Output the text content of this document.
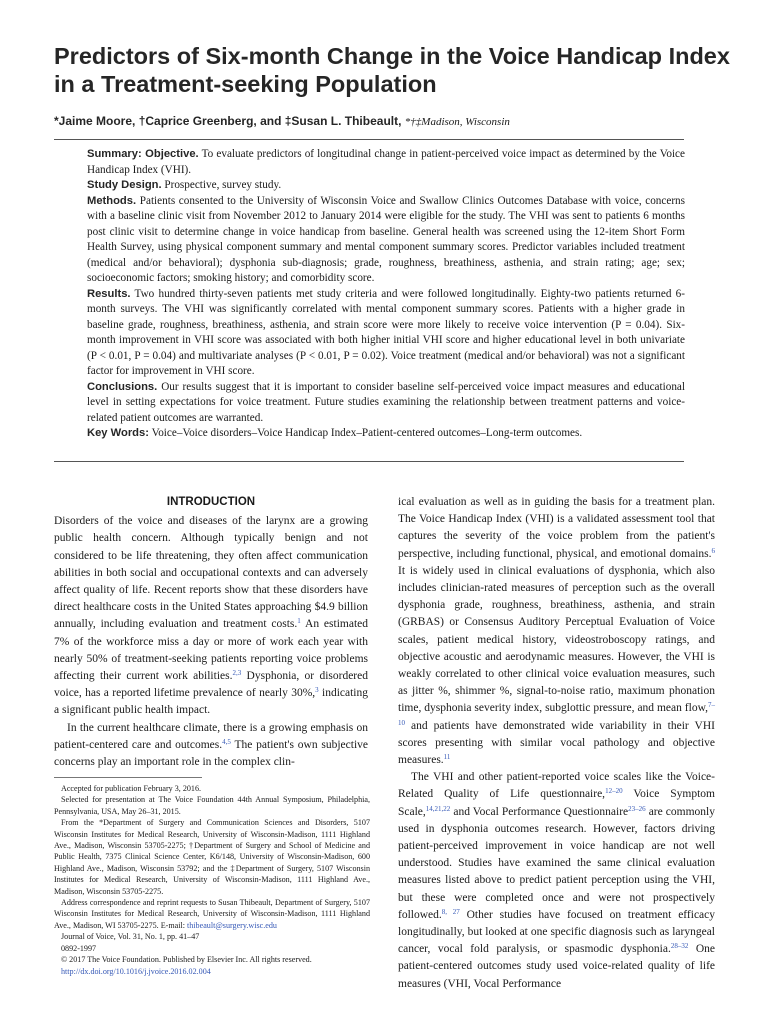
Predictors of Six-month Change in the Voice Handicap Index in a Treatment-seeking Population
*Jaime Moore, †Caprice Greenberg, and ‡Susan L. Thibeault, *†‡Madison, Wisconsin

Summary: Objective. To evaluate predictors of longitudinal change in patient-perceived voice impact as determined by the Voice Handicap Index (VHI).

Study Design. Prospective, survey study.

Methods. Patients consented to the University of Wisconsin Voice and Swallow Clinics Outcomes Database with voice, concerns with a baseline clinic visit from November 2012 to January 2014 were eligible for the study. The VHI was sent to patients 6 months post clinic visit to determine change in voice handicap from baseline. General health was screened using the 12-item Short Form Health Survey, using physical component summary and mental component summary scores. Predictor variables included treatment (medical and/or behavioral); dysphonia sub-diagnosis; grade, roughness, breathiness, asthenia, and strain rating; age; sex; socioeconomic factors; smoking history; and comorbidity score.

Results. Two hundred thirty-seven patients met study criteria and were followed longitudinally. Eighty-two patients returned 6-month surveys. The VHI was significantly correlated with mental component summary scores. Patients with a higher grade in baseline grade, roughness, breathiness, asthenia, and strain score were more likely to receive voice intervention (P = 0.04). Six-month improvement in VHI score was associated with both higher initial VHI score and higher educational level in both univariate (P < 0.01, P = 0.04) and multivariate analyses (P < 0.01, P = 0.02). Voice treatment (medical and/or behavioral) was not a significant factor for improvement in VHI score.

Conclusions. Our results suggest that it is important to consider baseline self-perceived voice impact measures and educational level in setting expectations for voice treatment. Future studies examining the relationship between treatment patterns and voice-related patient outcomes are warranted.

Key Words: Voice–Voice disorders–Voice Handicap Index–Patient-centered outcomes–Long-term outcomes.

INTRODUCTION

Disorders of the voice and diseases of the larynx are a growing public health concern. Although typically benign and not considered to be life threatening, they often affect communication abilities in both social and occupational contexts and can adversely affect quality of life. Recent reports show that these disorders have direct healthcare costs in the United States approaching $4.9 billion annually, including evaluation and treatment costs.$^1$ An estimated 7% of the workforce miss a day or more of work each year with nearly 50% of treatment-seeking patients reporting voice problems affecting their current work abilities.$^{2,3}$ Dysphonia, or disordered voice, has a reported lifetime prevalence of nearly 30%,$^3$ indicating a significant public health impact.

In the current healthcare climate, there is a growing emphasis on patient-centered care and outcomes.$^{4,5}$ The patient's own subjective concerns play an important role in the complex clin-

Accepted for publication February 3, 2016.

Selected for presentation at The Voice Foundation 44th Annual Symposium, Philadelphia, Pennsylvania, USA, May 26–31, 2015.

From the *Department of Surgery and Communication Sciences and Disorders, 5107 Wisconsin Institutes for Medical Research, University of Wisconsin-Madison, 1111 Highland Ave., Madison, Wisconsin 53705-2275; †Department of Surgery and School of Medicine and Public Health, 7375 Clinical Science Center, K6/148, University of Wisconsin-Madison, 600 Highland Ave., Madison, Wisconsin 53792; and the ‡Department of Surgery, 5107 Wisconsin Institutes for Medical Research, University of Wisconsin-Madison, 1111 Highland Ave., Madison, Wisconsin 53705-2275.

Address correspondence and reprint requests to Susan Thibeault, Department of Surgery, 5107 Wisconsin Institutes for Medical Research, University of Wisconsin-Madison, 1111 Highland Ave., Madison, WI 53705-2275. E-mail: thibeault@surgery.wisc.edu

Journal of Voice, Vol. 31, No. 1, pp. 41–47

0892-1997

© 2017 The Voice Foundation. Published by Elsevier Inc. All rights reserved.

http://dx.doi.org/10.1016/j.jvoice.2016.02.004

ical evaluation as well as in guiding the basis for a treatment plan. The Voice Handicap Index (VHI) is a validated assessment tool that captures the severity of the voice problem from the patient's perspective, including functional, physical, and emotional domains.$^6$ It is widely used in clinical evaluations of dysphonia, which also includes clinician-rated measures of perception such as the overall dysphonia grade, roughness, breathiness, asthenia, and strain (GRBAS) or Consensus Auditory Perceptual Evaluation of Voice scales, patient medical history, videostroboscopy ratings, and objective acoustic and aerodynamic measures. However, the VHI is weakly correlated to other clinical voice evaluation measures, such as jitter %, shimmer %, signal-to-noise ratio, maximum phonation time, dysphonia severity index, subglottic pressure, and mean flow,$^{7-10}$ and patients have demonstrated wide variability in their VHI scores presenting with similar vocal pathology and objective measures.$^{11}$

The VHI and other patient-reported voice scales like the Voice-Related Quality of Life questionnaire,$^{12-20}$ Voice Symptom Scale,$^{14,21,22}$ and Vocal Performance Questionnaire$^{23-26}$ are commonly used in dysphonia outcomes research. However, factors driving patient-perceived improvement in voice handicap are not well understood. Studies have examined the same clinical evaluation measures listed above to predict patient perception using the VHI, but these were completed once and were not prospectively followed.$^{8, 27}$ Other studies have focused on treatment efficacy longitudinally, but looked at one specific diagnosis such as laryngeal cancer, vocal fold paralysis, or spasmodic dysphonia.$^{28-32}$ One patient-centered outcomes study used voice-related quality of life measures (VHI, Vocal Performance
